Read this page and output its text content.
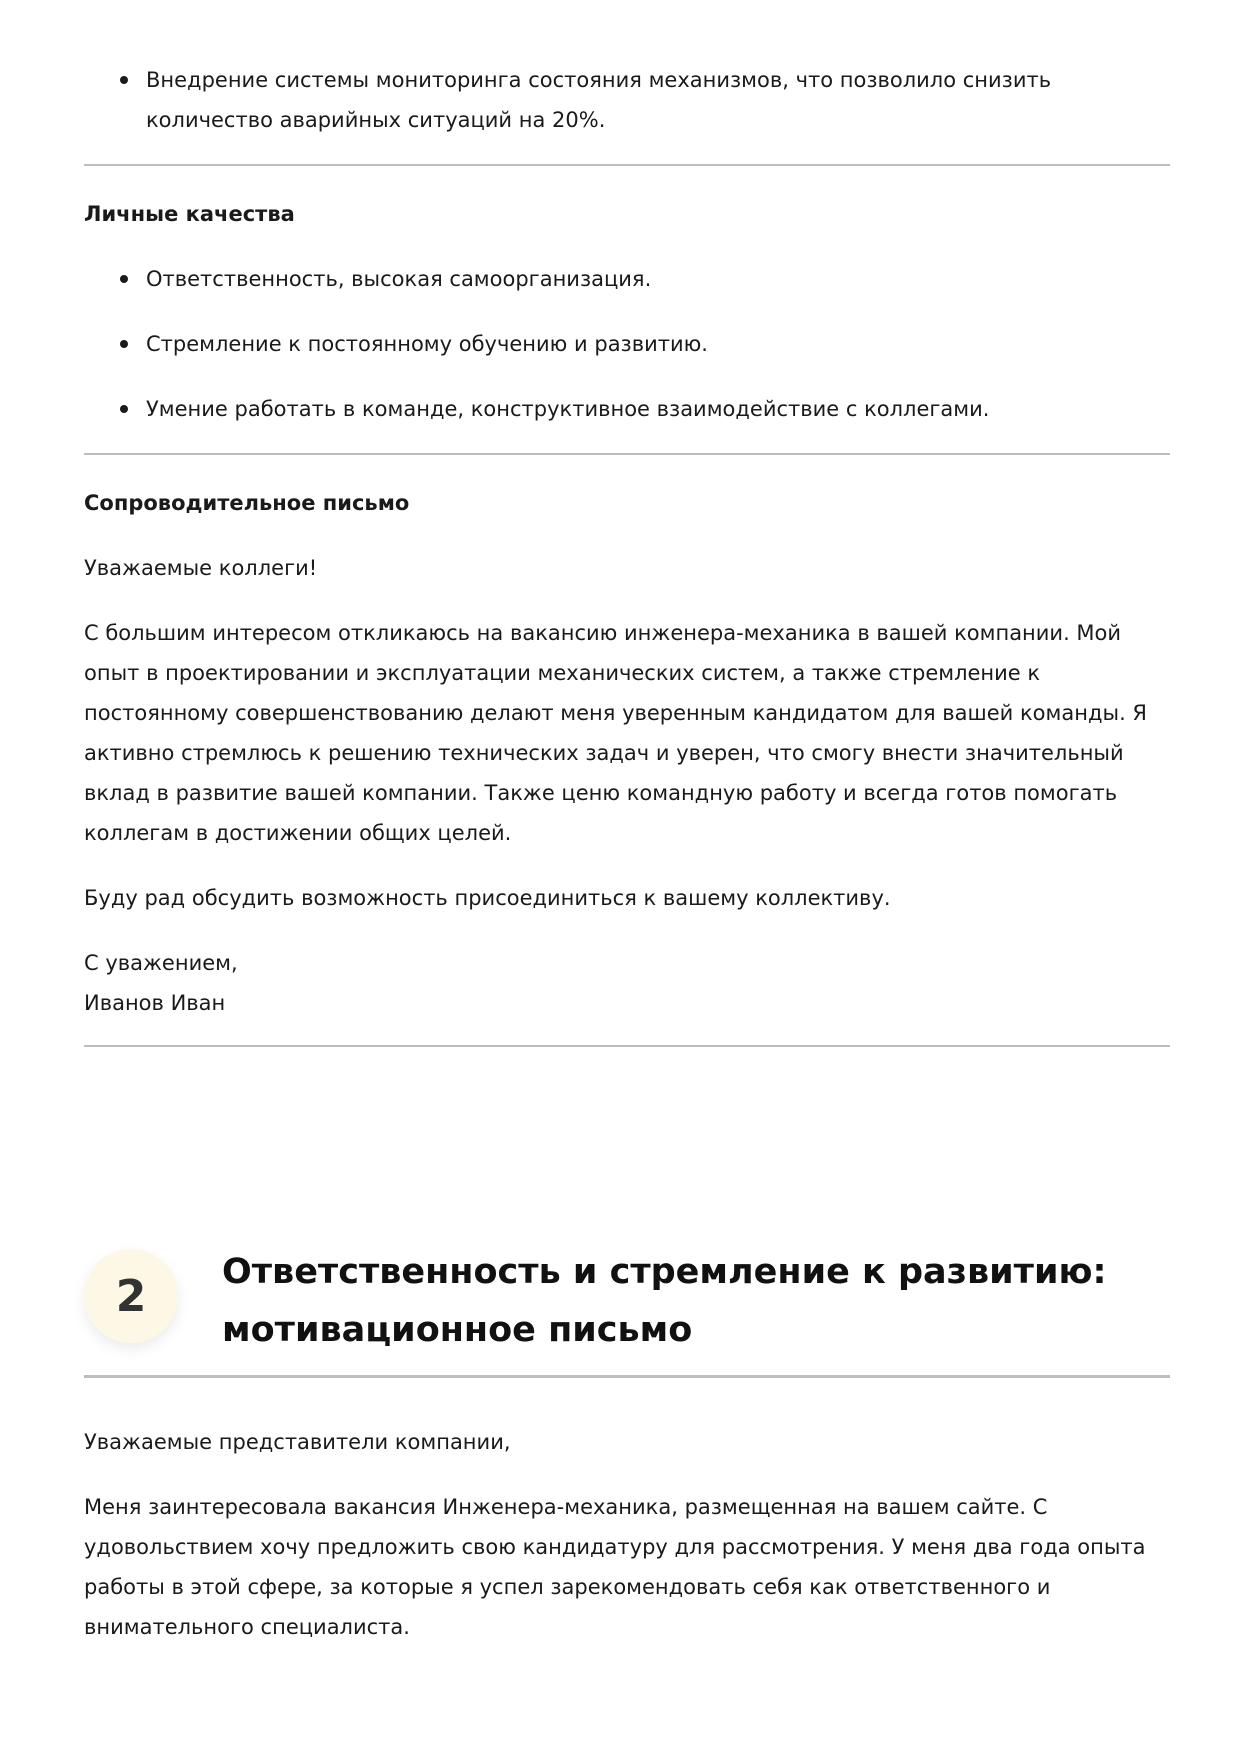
Внедрение системы мониторинга состояния механизмов, что позволило снизить количество аварийных ситуаций на 20%.

Личные качества

Ответственность, высокая самоорганизация.
Стремление к постоянному обучению и развитию.
Умение работать в команде, конструктивное взаимодействие с коллегами.

Сопроводительное письмо

Уважаемые коллеги!

С большим интересом откликаюсь на вакансию инженера-механика в вашей компании. Мой опыт в проектировании и эксплуатации механических систем, а также стремление к постоянному совершенствованию делают меня уверенным кандидатом для вашей команды. Я активно стремлюсь к решению технических задач и уверен, что смогу внести значительный вклад в развитие вашей компании. Также ценю командную работу и всегда готов помогать коллегам в достижении общих целей.

Буду рад обсудить возможность присоединиться к вашему коллективу.

С уважением,

Иванов Иван

2	Ответственность и стремление к развитию: мотивационное письмо

Уважаемые представители компании,

Меня заинтересовала вакансия Инженера-механика, размещенная на вашем сайте. С удовольствием хочу предложить свою кандидатуру для рассмотрения. У меня два года опыта работы в этой сфере, за которые я успел зарекомендовать себя как ответственного и внимательного специалиста.
